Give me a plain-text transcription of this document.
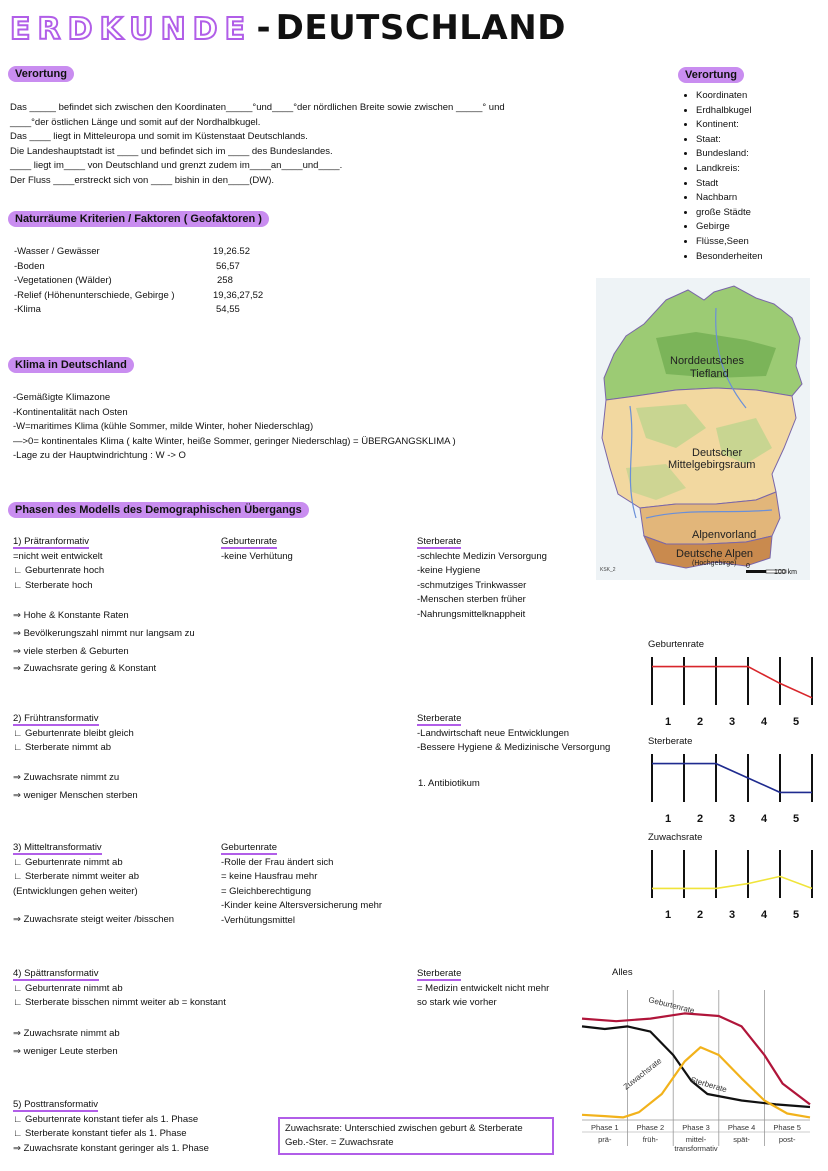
ERDKUNDE - DEUTSCHLAND
Verortung
Das _____ befindet sich zwischen den Koordinaten_____°und____°der nördlichen Breite sowie zwischen _____° und
____°der östlichen Länge und somit auf der Nordhalbkugel.
Das ____ liegt in Mitteleuropa und somit im Küstenstaat Deutschlands.
Die Landeshauptstadt ist ____ und befindet sich im ____ des Bundeslandes.
____ liegt im____ von Deutschland und grenzt zudem im____an____und____.
Der Fluss ____erstreckt sich von ____ bishin in den____(DW).
Verortung
• Koordinaten
• Erdhalbkugel
• Kontinent:
• Staat:
• Bundesland:
• Landkreis:
• Stadt
• Nachbarn
• große Städte
• Gebirge
• Flüsse,Seen
• Besonderheiten
Naturräume Kriterien / Faktoren ( Geofaktoren )
-Wasser / Gewässer
-Boden
-Vegetationen (Wälder)
-Relief (Höhenunterschiede, Gebirge )
-Klima
19,26.52
56,57
258
19,36,27,52
54,55
Norddeutsches
Tiefland
Deutscher
Mittelgebirgsraum
Alpenvorland
Deutsche Alpen
(Hochgebirge)
KSK_2	0
100 km
Klima in Deutschland
-Gemäßigte Klimazone
-Kontinentalität nach Osten
-W=maritimes Klima (kühle Sommer, milde Winter, hoher Niederschlag)
—>0= kontinentales Klima ( kalte Winter, heiße Sommer, geringer Niederschlag) = ÜBERGANGSKLIMA )
-Lage zu der Hauptwindrichtung : W -> O
Phasen des Modells des Demographischen Übergangs
1) Prätranformativ
=nicht weit entwickelt
∟ Geburtenrate hoch
∟ Sterberate hoch
⇒ Hohe & Konstante Raten
⇒ Bevölkerungszahl nimmt nur langsam zu
⇒ viele sterben & Geburten
⇒ Zuwachsrate gering & Konstant
Geburtenrate
-keine Verhütung
Sterberate
-schlechte Medizin Versorgung
-keine Hygiene
-schmutziges Trinkwasser
-Menschen sterben früher
-Nahrungsmittelknappheit
2) Frühtransformativ
∟ Geburtenrate bleibt gleich
∟ Sterberate nimmt ab
⇒ Zuwachsrate nimmt zu
⇒ weniger Menschen sterben
Sterberate
-Landwirtschaft neue Entwicklungen
-Bessere Hygiene & Medizinische Versorgung
1. Antibiotikum
3) Mitteltransformativ
∟ Geburtenrate nimmt ab
∟ Sterberate nimmt weiter ab
(Entwicklungen gehen weiter)
⇒ Zuwachsrate steigt weiter /bisschen
Geburtenrate
-Rolle der Frau ändert sich
= keine Hausfrau mehr
= Gleichberechtigung
-Kinder keine Altersversicherung mehr
-Verhütungsmittel
4) Spättransformativ
∟ Geburtenrate nimmt ab
∟ Sterberate bisschen nimmt weiter ab = konstant
⇒ Zuwachsrate nimmt ab
⇒ weniger Leute sterben
Sterberate
= Medizin entwickelt nicht mehr
so stark wie vorher
5) Posttransformativ
∟ Geburtenrate konstant tiefer als 1. Phase
∟ Sterberate konstant tiefer als 1. Phase
⇒ Zuwachsrate konstant geringer als 1. Phase
Zuwachsrate: Unterschied zwischen geburt & Sterberate
Geb.-Ster. = Zuwachsrate
Geburtenrate
1 2 3 4 5
Sterberate
1 2 3 4 5
Zuwachsrate
1 2 3 4 5
Alles
Geburtenrate
Sterberate
Zuwachsrate
Phase 1
prä-
Phase 2
früh-
Phase 3
mittel-
transformativ
Phase 4
spät-
Phase 5
post-
